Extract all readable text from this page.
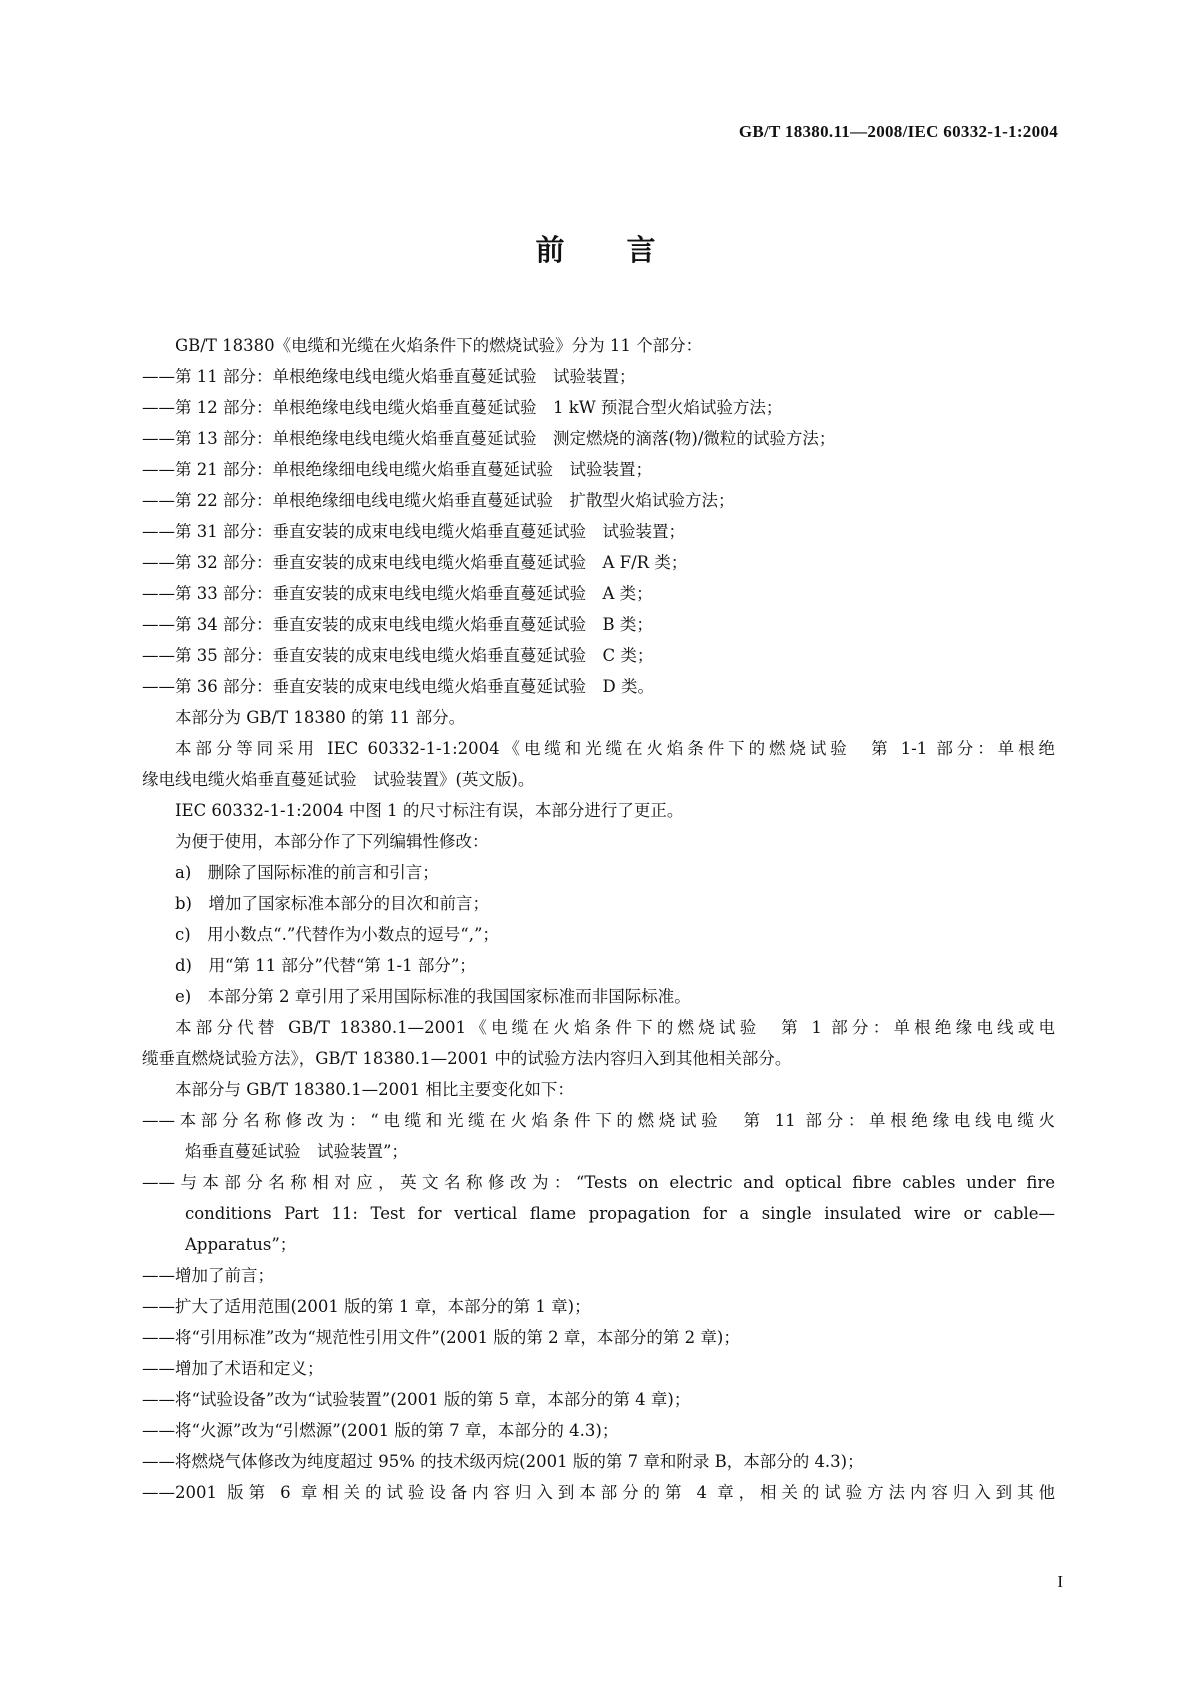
GB/T 18380.11—2008/IEC 60332-1-1:2004
前言
GB/T 18380《电缆和光缆在火焰条件下的燃烧试验》分为 11 个部分：
——第 11 部分：单根绝缘电线电缆火焰垂直蔓延试验　试验装置；
——第 12 部分：单根绝缘电线电缆火焰垂直蔓延试验　1 kW 预混合型火焰试验方法；
——第 13 部分：单根绝缘电线电缆火焰垂直蔓延试验　测定燃烧的滴落(物)/微粒的试验方法；
——第 21 部分：单根绝缘细电线电缆火焰垂直蔓延试验　试验装置；
——第 22 部分：单根绝缘细电线电缆火焰垂直蔓延试验　扩散型火焰试验方法；
——第 31 部分：垂直安装的成束电线电缆火焰垂直蔓延试验　试验装置；
——第 32 部分：垂直安装的成束电线电缆火焰垂直蔓延试验　A F/R 类；
——第 33 部分：垂直安装的成束电线电缆火焰垂直蔓延试验　A 类；
——第 34 部分：垂直安装的成束电线电缆火焰垂直蔓延试验　B 类；
——第 35 部分：垂直安装的成束电线电缆火焰垂直蔓延试验　C 类；
——第 36 部分：垂直安装的成束电线电缆火焰垂直蔓延试验　D 类。
本部分为 GB/T 18380 的第 11 部分。
本部分等同采用 IEC 60332-1-1:2004《电缆和光缆在火焰条件下的燃烧试验　第 1-1 部分：单根绝
缘电线电缆火焰垂直蔓延试验　试验装置》(英文版)。
IEC 60332-1-1:2004 中图 1 的尺寸标注有误，本部分进行了更正。
为便于使用，本部分作了下列编辑性修改：
a)　删除了国际标准的前言和引言；
b)　增加了国家标准本部分的目次和前言；
c)　用小数点“.”代替作为小数点的逗号“,”；
d)　用“第 11 部分”代替“第 1-1 部分”；
e)　本部分第 2 章引用了采用国际标准的我国国家标准而非国际标准。
本部分代替 GB/T 18380.1—2001《电缆在火焰条件下的燃烧试验　第 1 部分：单根绝缘电线或电
缆垂直燃烧试验方法》，GB/T 18380.1—2001 中的试验方法内容归入到其他相关部分。
本部分与 GB/T 18380.1—2001 相比主要变化如下：
——本部分名称修改为：“电缆和光缆在火焰条件下的燃烧试验　第 11 部分：单根绝缘电线电缆火
焰垂直蔓延试验　试验装置”；
——与本部分名称相对应，英文名称修改为：“Tests on electric and optical fibre cables under fire
conditions Part 11: Test for vertical flame propagation for a single insulated wire or cable—
Apparatus”；
——增加了前言；
——扩大了适用范围(2001 版的第 1 章，本部分的第 1 章)；
——将“引用标准”改为“规范性引用文件”(2001 版的第 2 章，本部分的第 2 章)；
——增加了术语和定义；
——将“试验设备”改为“试验装置”(2001 版的第 5 章，本部分的第 4 章)；
——将“火源”改为“引燃源”(2001 版的第 7 章，本部分的 4.3)；
——将燃烧气体修改为纯度超过 95% 的技术级丙烷(2001 版的第 7 章和附录 B，本部分的 4.3)；
——2001 版第 6 章相关的试验设备内容归入到本部分的第 4 章，相关的试验方法内容归入到其他
I
